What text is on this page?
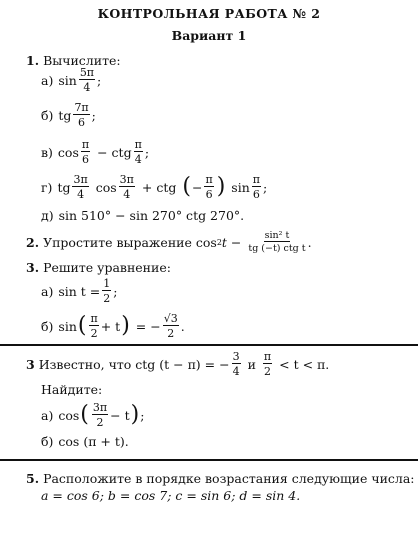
КОНТРОЛЬНАЯ РАБОТА № 2
Вариант 1
1. Вычислите:
а) $\sin \frac{5\pi}{4}$ ;
б) tg $\frac{7\pi}{6}$ ;
в) $\cos \frac{\pi}{6}$ − ctg $\frac{\pi}{4}$ ;
г) tg $\frac{3\pi}{4}$ $\cos \frac{3\pi}{4}$ + ctg ( − $\frac{\pi}{6}$ ) $\sin \frac{\pi}{6}$ ;
д) sin 510° − sin 270° ctg 270°.
2. Упростите выражение cos 2 $t - \frac{\text{sin² t}}{\text{tg (−t) ctg t}}$ .
3. Решите уравнение:
а) $\sin t = \frac{1}{2}$ ;
б) sin ( $\frac{\pi}{2} + t$ ) = − $\frac{√3}{2}$ .
3 Известно, что ctg (t − π) = − $\frac{3}{4}$ и $\frac{\pi}{2} < t < \pi$.
Найдите:
а) cos ( $\frac{3\pi}{2} - t$ ) ;
б) cos (π + t).
5. Расположите в порядке возрастания следующие числа:
a = cos 6; b = cos 7; c = sin 6; d = sin 4.
